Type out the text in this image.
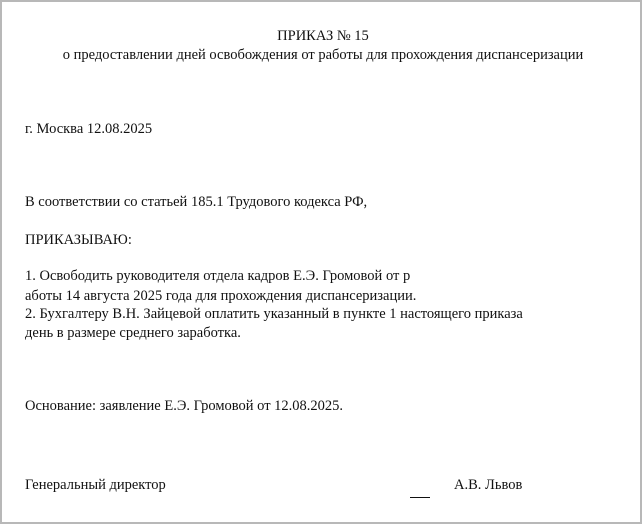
ПРИКАЗ № 15

о предоставлении дней освобождения от работы для прохождения диспансеризации

г. Москва 12.08.2025

В соответствии со статьей 185.1 Трудового кодекса РФ,

ПРИКАЗЫВАЮ:

1. Освободить руководителя отдела кадров Е.Э. Громовой от р

аботы 14 августа 2025 года для прохождения диспансеризации.

2. Бухгалтеру В.Н. Зайцевой оплатить указанный в пункте 1 настоящего приказа

день в размере среднего заработка.

Основание: заявление Е.Э. Громовой от 12.08.2025.

Генеральный директор	А.В. Львов
